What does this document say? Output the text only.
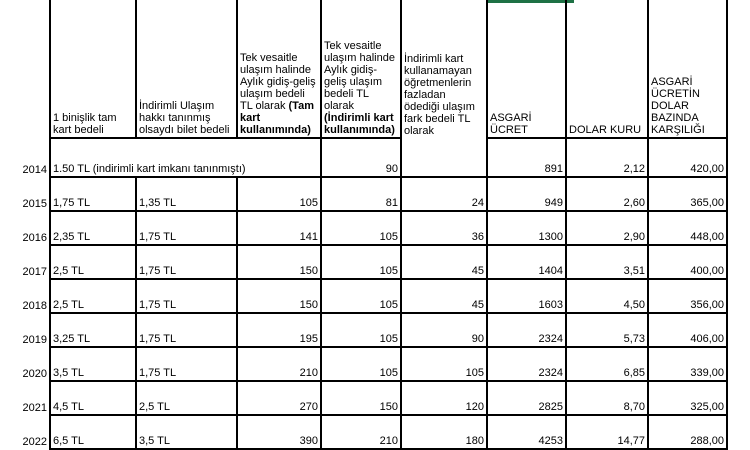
	1 binişlik tam kart bedeli	İndirimli Ulaşım hakkı tanınmış olsaydı bilet bedeli	Tek vesaitle ulaşım halinde Aylık gidiş-geliş ulaşım bedeli TL olarak (Tam kart kullanımında)	Tek vesaitle ulaşım halinde Aylık gidiş-geliş ulaşım bedeli TL olarak (İndirimli kart kullanımında)	İndirimli kart kullanamayan öğretmenlerin fazladan ödediği ulaşım fark bedeli TL olarak	ASGARİ ÜCRET	DOLAR KURU	ASGARİ ÜCRETİN DOLAR BAZINDA KARŞILIĞI	
2014	1.50 TL (indirimli kart imkanı tanınmıştı)			90		891	2,12	420,00	
2015	1,75 TL	1,35 TL	105	81	24	949	2,60	365,00	
2016	2,35 TL	1,75 TL	141	105	36	1300	2,90	448,00	
2017	2,5 TL	1,75 TL	150	105	45	1404	3,51	400,00	
2018	2,5 TL	1,75 TL	150	105	45	1603	4,50	356,00	
2019	3,25 TL	1,75 TL	195	105	90	2324	5,73	406,00	
2020	3,5 TL	1,75 TL	210	105	105	2324	6,85	339,00	
2021	4,5 TL	2,5 TL	270	150	120	2825	8,70	325,00	
2022	6,5 TL	3,5 TL	390	210	180	4253	14,77	288,00	
